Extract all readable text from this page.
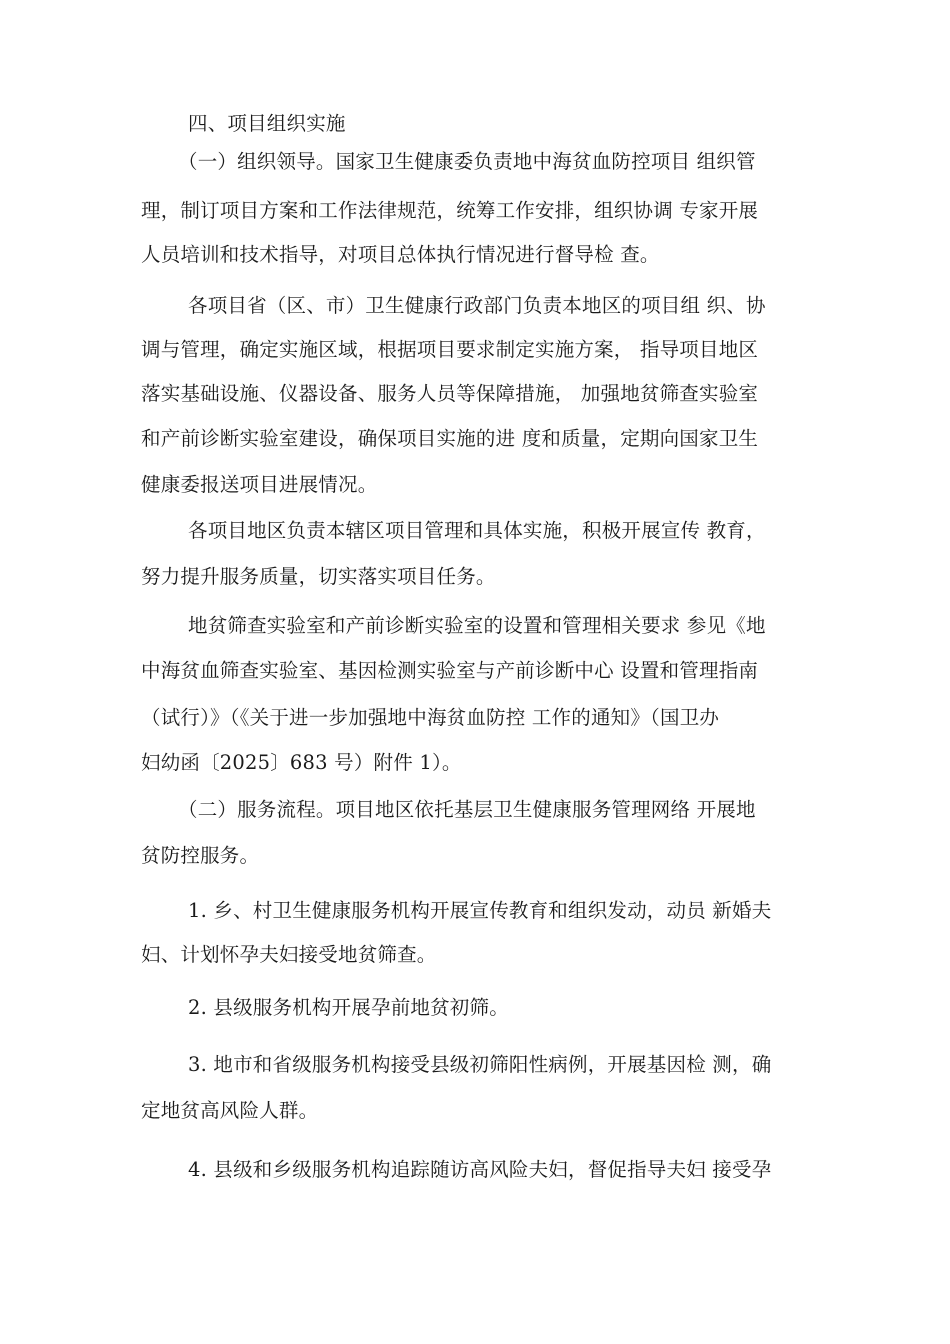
四、项目组织实施
（一）组织领导。国家卫生健康委负责地中海贫血防控项目 组织管
理，制订项目方案和工作法律规范，统筹工作安排，组织协调 专家开展
人员培训和技术指导，对项目总体执行情况进行督导检 查。
各项目省（区、市）卫生健康行政部门负责本地区的项目组 织、协
调与管理，确定实施区域，根据项目要求制定实施方案， 指导项目地区
落实基础设施、仪器设备、服务人员等保障措施， 加强地贫筛查实验室
和产前诊断实验室建设，确保项目实施的进 度和质量，定期向国家卫生
健康委报送项目进展情况。
各项目地区负责本辖区项目管理和具体实施，积极开展宣传 教育，
努力提升服务质量，切实落实项目任务。
地贫筛查实验室和产前诊断实验室的设置和管理相关要求 参见《地
中海贫血筛查实验室、基因检测实验室与产前诊断中心 设置和管理指南
（试行）》（《关于进一步加强地中海贫血防控 工作的通知》（国卫办
妇幼函〔2025〕683 号）附件 1）。
（二）服务流程。项目地区依托基层卫生健康服务管理网络 开展地
贫防控服务。
1. 乡、村卫生健康服务机构开展宣传教育和组织发动，动员 新婚夫
妇、计划怀孕夫妇接受地贫筛查。
2. 县级服务机构开展孕前地贫初筛。
3. 地市和省级服务机构接受县级初筛阳性病例，开展基因检 测，确
定地贫高风险人群。
4. 县级和乡级服务机构追踪随访高风险夫妇，督促指导夫妇 接受孕
